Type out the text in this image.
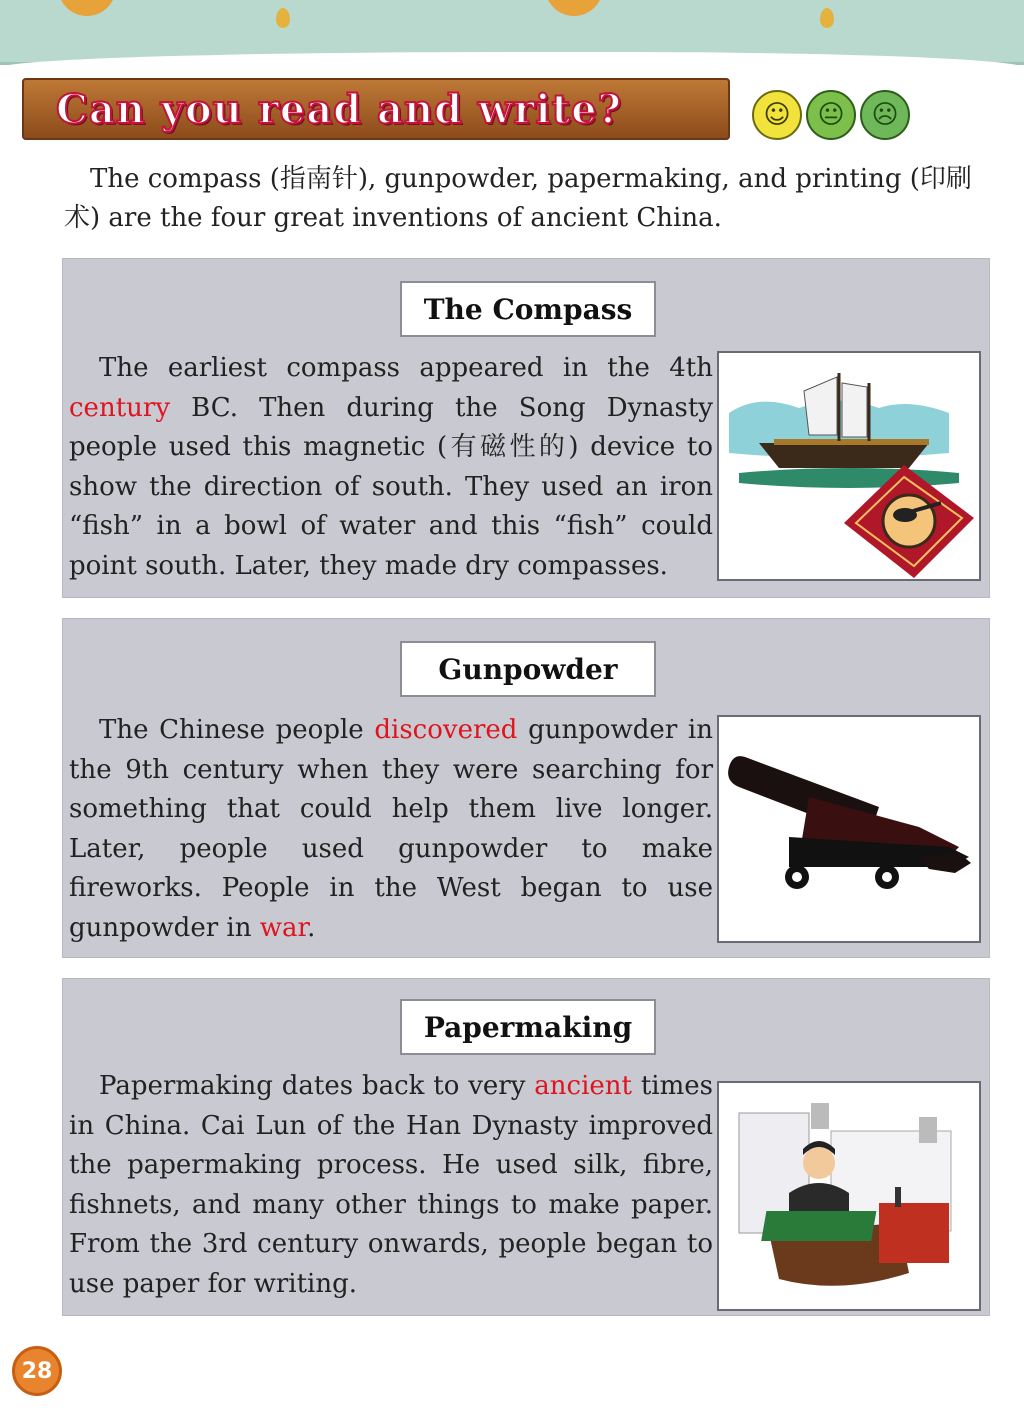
Can you read and write?	☺	😐	☹

The compass (指南针), gunpowder, papermaking, and printing (印刷术) are the four great inventions of ancient China.

The Compass

The earliest compass appeared in the 4th century BC. Then during the Song Dynasty people used this magnetic (有磁性的) device to show the direction of south. They used an iron “fish” in a bowl of water and this “fish” could point south. Later, they made dry compasses.

Gunpowder

The Chinese people discovered gunpowder in the 9th century when they were searching for something that could help them live longer. Later, people used gunpowder to make fireworks. People in the West began to use gunpowder in war.

Papermaking

Papermaking dates back to very ancient times in China. Cai Lun of the Han Dynasty improved the papermaking process. He used silk, fibre, fishnets, and many other things to make paper. From the 3rd century onwards, people began to use paper for writing.

28
